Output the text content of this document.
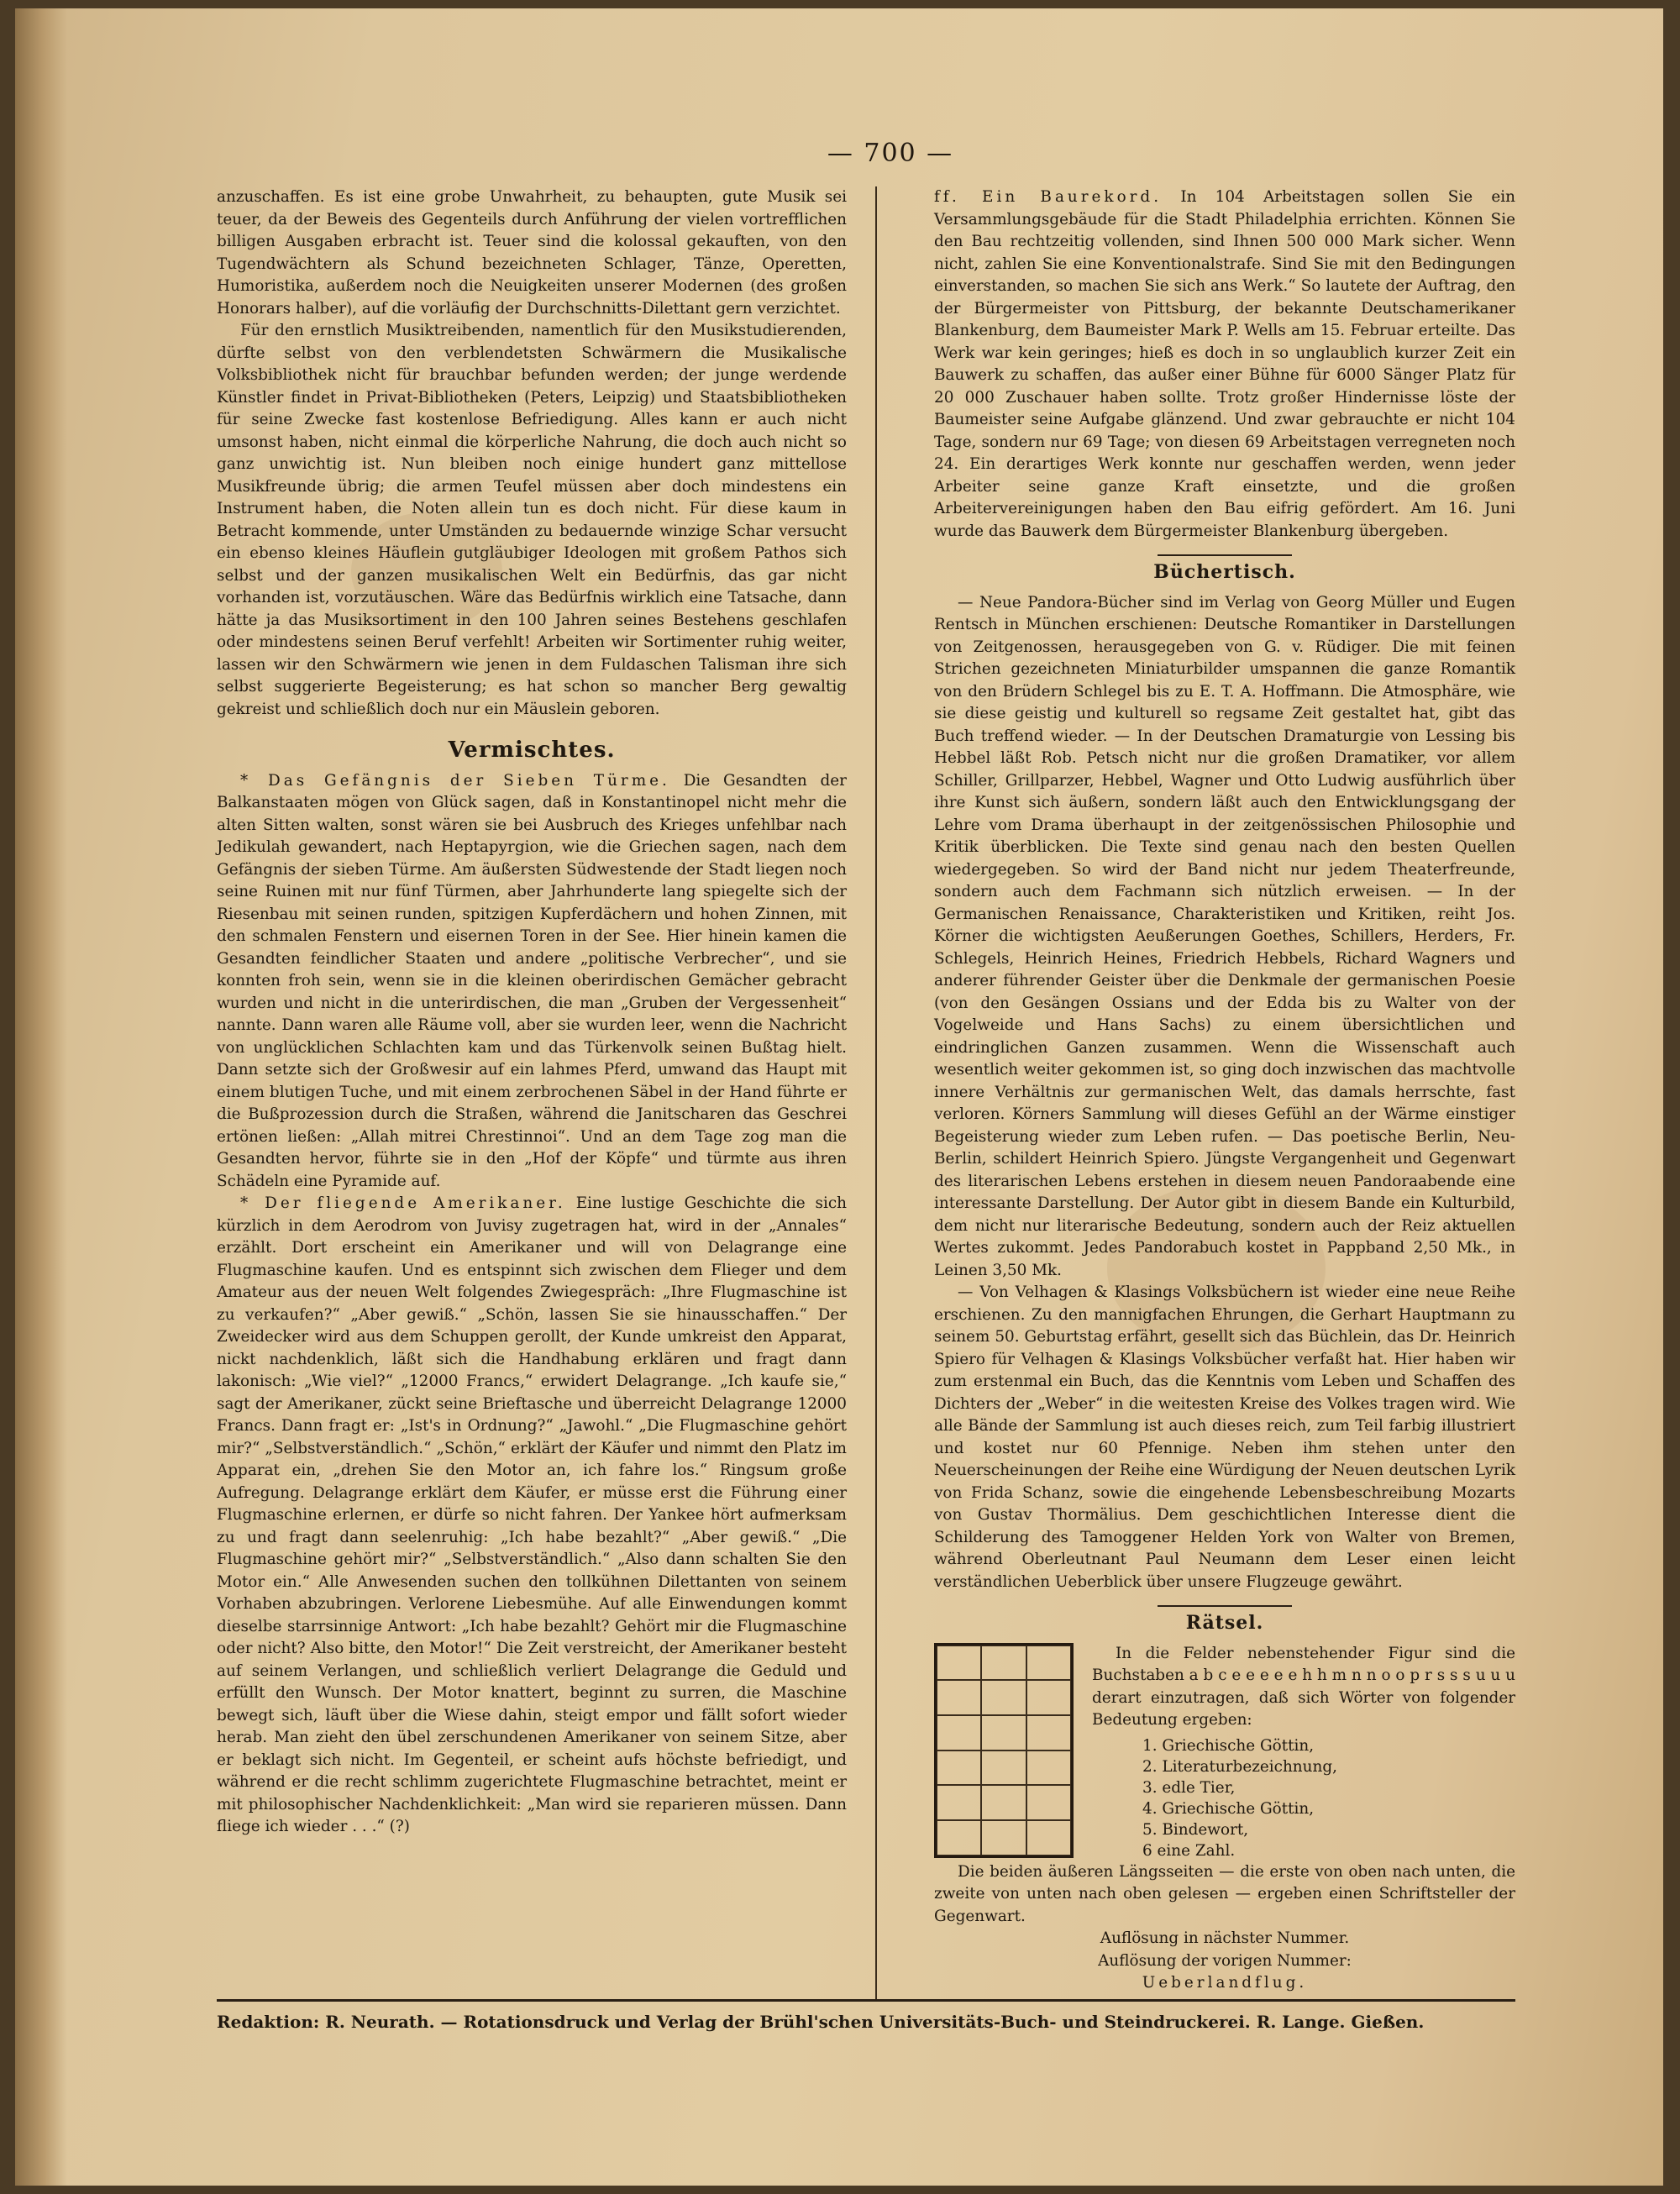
— 700 —

anzuschaffen. Es ist eine grobe Unwahrheit, zu behaupten, gute Musik sei teuer, da der Beweis des Gegenteils durch Anführung der vielen vortrefflichen billigen Ausgaben erbracht ist. Teuer sind die kolossal gekauften, von den Tugendwächtern als Schund bezeichneten Schlager, Tänze, Operetten, Humoristika, außerdem noch die Neuigkeiten unserer Modernen (des großen Honorars halber), auf die vorläufig der Durchschnitts-Dilettant gern verzichtet.

Für den ernstlich Musiktreibenden, namentlich für den Musikstudierenden, dürfte selbst von den verblendetsten Schwärmern die Musikalische Volksbibliothek nicht für brauchbar befunden werden; der junge werdende Künstler findet in Privat-Bibliotheken (Peters, Leipzig) und Staatsbibliotheken für seine Zwecke fast kostenlose Befriedigung. Alles kann er auch nicht umsonst haben, nicht einmal die körperliche Nahrung, die doch auch nicht so ganz unwichtig ist. Nun bleiben noch einige hundert ganz mittellose Musikfreunde übrig; die armen Teufel müssen aber doch mindestens ein Instrument haben, die Noten allein tun es doch nicht. Für diese kaum in Betracht kommende, unter Umständen zu bedauernde winzige Schar versucht ein ebenso kleines Häuflein gutgläubiger Ideologen mit großem Pathos sich selbst und der ganzen musikalischen Welt ein Bedürfnis, das gar nicht vorhanden ist, vorzutäuschen. Wäre das Bedürfnis wirklich eine Tatsache, dann hätte ja das Musiksortiment in den 100 Jahren seines Bestehens geschlafen oder mindestens seinen Beruf verfehlt! Arbeiten wir Sortimenter ruhig weiter, lassen wir den Schwärmern wie jenen in dem Fuldaschen Talisman ihre sich selbst suggerierte Begeisterung; es hat schon so mancher Berg gewaltig gekreist und schließlich doch nur ein Mäuslein geboren.

Vermischtes.

* Das Gefängnis der Sieben Türme. Die Gesandten der Balkanstaaten mögen von Glück sagen, daß in Konstantinopel nicht mehr die alten Sitten walten, sonst wären sie bei Ausbruch des Krieges unfehlbar nach Jedikulah gewandert, nach Heptapyrgion, wie die Griechen sagen, nach dem Gefängnis der sieben Türme. Am äußersten Südwestende der Stadt liegen noch seine Ruinen mit nur fünf Türmen, aber Jahrhunderte lang spiegelte sich der Riesenbau mit seinen runden, spitzigen Kupferdächern und hohen Zinnen, mit den schmalen Fenstern und eisernen Toren in der See. Hier hinein kamen die Gesandten feindlicher Staaten und andere „politische Verbrecher“, und sie konnten froh sein, wenn sie in die kleinen oberirdischen Gemächer gebracht wurden und nicht in die unterirdischen, die man „Gruben der Vergessenheit“ nannte. Dann waren alle Räume voll, aber sie wurden leer, wenn die Nachricht von unglücklichen Schlachten kam und das Türkenvolk seinen Bußtag hielt. Dann setzte sich der Großwesir auf ein lahmes Pferd, umwand das Haupt mit einem blutigen Tuche, und mit einem zerbrochenen Säbel in der Hand führte er die Bußprozession durch die Straßen, während die Janitscharen das Geschrei ertönen ließen: „Allah mitrei Chrestinnoi“. Und an dem Tage zog man die Gesandten hervor, führte sie in den „Hof der Köpfe“ und türmte aus ihren Schädeln eine Pyramide auf.

* Der fliegende Amerikaner. Eine lustige Geschichte die sich kürzlich in dem Aerodrom von Juvisy zugetragen hat, wird in der „Annales“ erzählt. Dort erscheint ein Amerikaner und will von Delagrange eine Flugmaschine kaufen. Und es entspinnt sich zwischen dem Flieger und dem Amateur aus der neuen Welt folgendes Zwiegespräch: „Ihre Flugmaschine ist zu verkaufen?“ „Aber gewiß.“ „Schön, lassen Sie sie hinausschaffen.“ Der Zweidecker wird aus dem Schuppen gerollt, der Kunde umkreist den Apparat, nickt nachdenklich, läßt sich die Handhabung erklären und fragt dann lakonisch: „Wie viel?“ „12000 Francs,“ erwidert Delagrange. „Ich kaufe sie,“ sagt der Amerikaner, zückt seine Brieftasche und überreicht Delagrange 12000 Francs. Dann fragt er: „Ist's in Ordnung?“ „Jawohl.“ „Die Flugmaschine gehört mir?“ „Selbstverständlich.“ „Schön,“ erklärt der Käufer und nimmt den Platz im Apparat ein, „drehen Sie den Motor an, ich fahre los.“ Ringsum große Aufregung. Delagrange erklärt dem Käufer, er müsse erst die Führung einer Flugmaschine erlernen, er dürfe so nicht fahren. Der Yankee hört aufmerksam zu und fragt dann seelenruhig: „Ich habe bezahlt?“ „Aber gewiß.“ „Die Flugmaschine gehört mir?“ „Selbstverständlich.“ „Also dann schalten Sie den Motor ein.“ Alle Anwesenden suchen den tollkühnen Dilettanten von seinem Vorhaben abzubringen. Verlorene Liebesmühe. Auf alle Einwendungen kommt dieselbe starrsinnige Antwort: „Ich habe bezahlt? Gehört mir die Flugmaschine oder nicht? Also bitte, den Motor!“ Die Zeit verstreicht, der Amerikaner besteht auf seinem Verlangen, und schließlich verliert Delagrange die Geduld und erfüllt den Wunsch. Der Motor knattert, beginnt zu surren, die Maschine bewegt sich, läuft über die Wiese dahin, steigt empor und fällt sofort wieder herab. Man zieht den übel zerschundenen Amerikaner von seinem Sitze, aber er beklagt sich nicht. Im Gegenteil, er scheint aufs höchste befriedigt, und während er die recht schlimm zugerichtete Flugmaschine betrachtet, meint er mit philosophischer Nachdenklichkeit: „Man wird sie reparieren müssen. Dann fliege ich wieder . . .“ (?)

ff. Ein Baurekord. In 104 Arbeitstagen sollen Sie ein Versammlungsgebäude für die Stadt Philadelphia errichten. Können Sie den Bau rechtzeitig vollenden, sind Ihnen 500 000 Mark sicher. Wenn nicht, zahlen Sie eine Konventionalstrafe. Sind Sie mit den Bedingungen einverstanden, so machen Sie sich ans Werk.“ So lautete der Auftrag, den der Bürgermeister von Pittsburg, der bekannte Deutschamerikaner Blankenburg, dem Baumeister Mark P. Wells am 15. Februar erteilte. Das Werk war kein geringes; hieß es doch in so unglaublich kurzer Zeit ein Bauwerk zu schaffen, das außer einer Bühne für 6000 Sänger Platz für 20 000 Zuschauer haben sollte. Trotz großer Hindernisse löste der Baumeister seine Aufgabe glänzend. Und zwar gebrauchte er nicht 104 Tage, sondern nur 69 Tage; von diesen 69 Arbeitstagen verregneten noch 24. Ein derartiges Werk konnte nur geschaffen werden, wenn jeder Arbeiter seine ganze Kraft einsetzte, und die großen Arbeitervereinigungen haben den Bau eifrig gefördert. Am 16. Juni wurde das Bauwerk dem Bürgermeister Blankenburg übergeben.

Büchertisch.

— Neue Pandora-Bücher sind im Verlag von Georg Müller und Eugen Rentsch in München erschienen: Deutsche Romantiker in Darstellungen von Zeitgenossen, herausgegeben von G. v. Rüdiger. Die mit feinen Strichen gezeichneten Miniaturbilder umspannen die ganze Romantik von den Brüdern Schlegel bis zu E. T. A. Hoffmann. Die Atmosphäre, wie sie diese geistig und kulturell so regsame Zeit gestaltet hat, gibt das Buch treffend wieder. — In der Deutschen Dramaturgie von Lessing bis Hebbel läßt Rob. Petsch nicht nur die großen Dramatiker, vor allem Schiller, Grillparzer, Hebbel, Wagner und Otto Ludwig ausführlich über ihre Kunst sich äußern, sondern läßt auch den Entwicklungsgang der Lehre vom Drama überhaupt in der zeitgenössischen Philosophie und Kritik überblicken. Die Texte sind genau nach den besten Quellen wiedergegeben. So wird der Band nicht nur jedem Theaterfreunde, sondern auch dem Fachmann sich nützlich erweisen. — In der Germanischen Renaissance, Charakteristiken und Kritiken, reiht Jos. Körner die wichtigsten Aeußerungen Goethes, Schillers, Herders, Fr. Schlegels, Heinrich Heines, Friedrich Hebbels, Richard Wagners und anderer führender Geister über die Denkmale der germanischen Poesie (von den Gesängen Ossians und der Edda bis zu Walter von der Vogelweide und Hans Sachs) zu einem übersichtlichen und eindringlichen Ganzen zusammen. Wenn die Wissenschaft auch wesentlich weiter gekommen ist, so ging doch inzwischen das machtvolle innere Verhältnis zur germanischen Welt, das damals herrschte, fast verloren. Körners Sammlung will dieses Gefühl an der Wärme einstiger Begeisterung wieder zum Leben rufen. — Das poetische Berlin, Neu-Berlin, schildert Heinrich Spiero. Jüngste Vergangenheit und Gegenwart des literarischen Lebens erstehen in diesem neuen Pandoraabende eine interessante Darstellung. Der Autor gibt in diesem Bande ein Kulturbild, dem nicht nur literarische Bedeutung, sondern auch der Reiz aktuellen Wertes zukommt. Jedes Pandorabuch kostet in Pappband 2,50 Mk., in Leinen 3,50 Mk.

— Von Velhagen & Klasings Volksbüchern ist wieder eine neue Reihe erschienen. Zu den mannigfachen Ehrungen, die Gerhart Hauptmann zu seinem 50. Geburtstag erfährt, gesellt sich das Büchlein, das Dr. Heinrich Spiero für Velhagen & Klasings Volksbücher verfaßt hat. Hier haben wir zum erstenmal ein Buch, das die Kenntnis vom Leben und Schaffen des Dichters der „Weber“ in die weitesten Kreise des Volkes tragen wird. Wie alle Bände der Sammlung ist auch dieses reich, zum Teil farbig illustriert und kostet nur 60 Pfennige. Neben ihm stehen unter den Neuerscheinungen der Reihe eine Würdigung der Neuen deutschen Lyrik von Frida Schanz, sowie die eingehende Lebensbeschreibung Mozarts von Gustav Thormälius. Dem geschichtlichen Interesse dient die Schilderung des Tamoggener Helden York von Walter von Bremen, während Oberleutnant Paul Neumann dem Leser einen leicht verständlichen Ueberblick über unsere Flugzeuge gewährt.

Rätsel.

In die Felder nebenstehender Figur sind die Buchstaben a b c e e e e e h h m n n o o p r s s s u u u derart einzutragen, daß sich Wörter von folgender Bedeutung ergeben:

1. Griechische Göttin,
2. Literaturbezeichnung,
3. edle Tier,
4. Griechische Göttin,
5. Bindewort,
6 eine Zahl.

Die beiden äußeren Längsseiten — die erste von oben nach unten, die zweite von unten nach oben gelesen — ergeben einen Schriftsteller der Gegenwart.

Auflösung in nächster Nummer.

Auflösung der vorigen Nummer:

Ueberlandflug.

Redaktion: R. Neurath. — Rotationsdruck und Verlag der Brühl'schen Universitäts-Buch- und Steindruckerei. R. Lange. Gießen.
